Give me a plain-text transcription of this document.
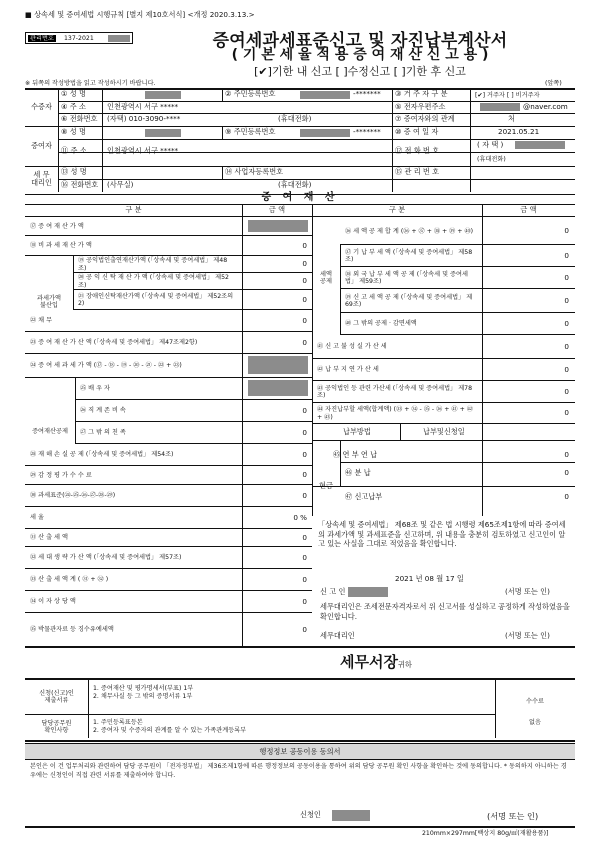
■ 상속세 및 증여세법 시행규칙 [별지 제10호서식] <개정 2020.3.13.>
관리번호	137-2021	증여세과세표준신고 및 자진납부계산서
( 기 본 세 율 적 용 증 여 재 산 신 고 용 )
[✔]기한 내 신고 [ ]수정신고 [ ]기한 후 신고
※ 뒤쪽의 작성방법을 읽고 작성하시기 바랍니다.	(앞쪽)
수증자
① 성 명	② 주민등록번호	-*******	③ 거 주 자 구 분	[✔] 거주자 [ ] 비거주자
④ 주 소	인천광역시 서구 *****	⑤ 전자우편주소	@naver.com
⑥ 전화번호	(자택) 010-3090-****	(휴대전화)	⑦ 증여자와의 관계	처
증여자
⑧ 성 명	⑨ 주민등록번호	-*******	⑩ 증 여 일 자	2021.05.21
⑪ 주 소	인천광역시 서구 *****	⑫ 전 화 번 호
( 자 택 )
(휴대전화)
세 무
대리인
⑬ 성 명	⑭ 사업자등록번호	⑮ 관 리 번 호
⑯ 전화번호	(사무실)	(휴대전화)
증 여 재 산
구 분	금 액	구 분	금 액
⑰ 증 여 재 산 가 액
⑱ 비 과 세 재 산 가 액	0
⑲ 공익법인출연재산가액 (「상속세 및 증여세법」 제48조)	0
⑳ 공 익 신 탁 재 산 가 액 (「상속세 및 증여세법」 제52조)	0
㉑ 장애인신탁재산가액 (「상속세 및 증여세법」 제52조의2)	0
㉒ 채 무	0
㉓ 증 여 재 산 가 산 액 (「상속세 및 증여세법」 제47조제2항)	0
㉔ 증 여 세 과 세 가 액 (⑰ - ⑱ - ⑲ - ⑳ - ㉑ - ㉒ + ㉓)
㉕ 배 우 자
㉖ 직 계 존 비 속	0
㉗ 그 밖 의 친 족	0
㉘ 재 해 손 실 공 제 (「상속세 및 증여세법」 제54조)	0
㉙ 감 정 평 가 수 수 료	0
㉚ 과세표준(㉔-㉕-㉖-㉗-㉘-㉙)	0
세 율	0 %
㉛ 산 출 세 액	0
㉜ 세 대 생 략 가 산 액 (「상속세 및 증여세법」 제57조)	0
㉝ 산 출 세 액 계 ( ㉛ + ㉜ )	0
㉞ 이 자 상 당 액	0
㉟ 박물관자료 등 징수유예세액	0
㊱ 세 액 공 제 합 계 (㊱ + ㊲ + ㊳ + ㊴ + ㊵)	0
㊲ 기 납 부 세 액 (「상속세 및 증여세법」 제58조)	0
㊳ 외 국 납 부 세 액 공 제 (「상속세 및 증여세법」 제59조)	0
㊴ 신 고 세 액 공 제 (「상속세 및 증여세법」 제69조)	0
㊵ 그 밖의 공제 · 감면세액	0
㊶ 신 고 불 성 실 가 산 세	0
㊷ 납 부 지 연 가 산 세	0
㊸ 공익법인 등 관련 가산세 (「상속세 및 증여세법」 제78조)	0
㊹ 자진납부할 세액(합계액) (㉝ + ㉞ - ㉟ - ㊱ + ㊶ + ㊷ + ㊸)	0
과세가액
불산입
증여재산공제
세액
공제
납부방법	납부및신청일
㊺ 연 부 연 납	0
현금
㊻ 분 납	0
㊼ 신고납부	0
「상속세 및 증여세법」 제68조 및 같은 법 시행령 제65조제1항에 따라 증여세의 과세가액 및 과세표준을 신고하며, 위 내용을 충분히 검토하였고 신고인이 알고 있는 사실을 그대로 적었음을 확인합니다.
2021 년 08 월 17 일
신 고 인	(서명 또는 인)
세무대리인은 조세전문자격자로서 위 신고서를 성실하고 공정하게 작성하였음을 확인합니다.
세무대리인	(서명 또는 인)
세무서장귀하
신청(신고)인
제출서류
1. 증여재산 및 평가명세서(부표) 1부
2. 채무사실 등 그 밖의 증명서류 1부
담당공무원
확인사항
1. 주민등록표등본
2. 증여자 및 수증자의 관계를 알 수 있는 가족관계등록부
수수료
없음
행정정보 공동이용 동의서
본인은 이 건 업무처리와 관련하여 담당 공무원이 「전자정부법」 제36조제1항에 따른 행정정보의 공동이용을 통하여 위의 담당 공무원 확인 사항을 확인하는 것에 동의합니다. * 동의하지 아니하는 경우에는 신청인이 직접 관련 서류를 제출하여야 합니다.
신청인	(서명 또는 인)
210mm×297mm[백상지 80g/㎡(재활용품)]
